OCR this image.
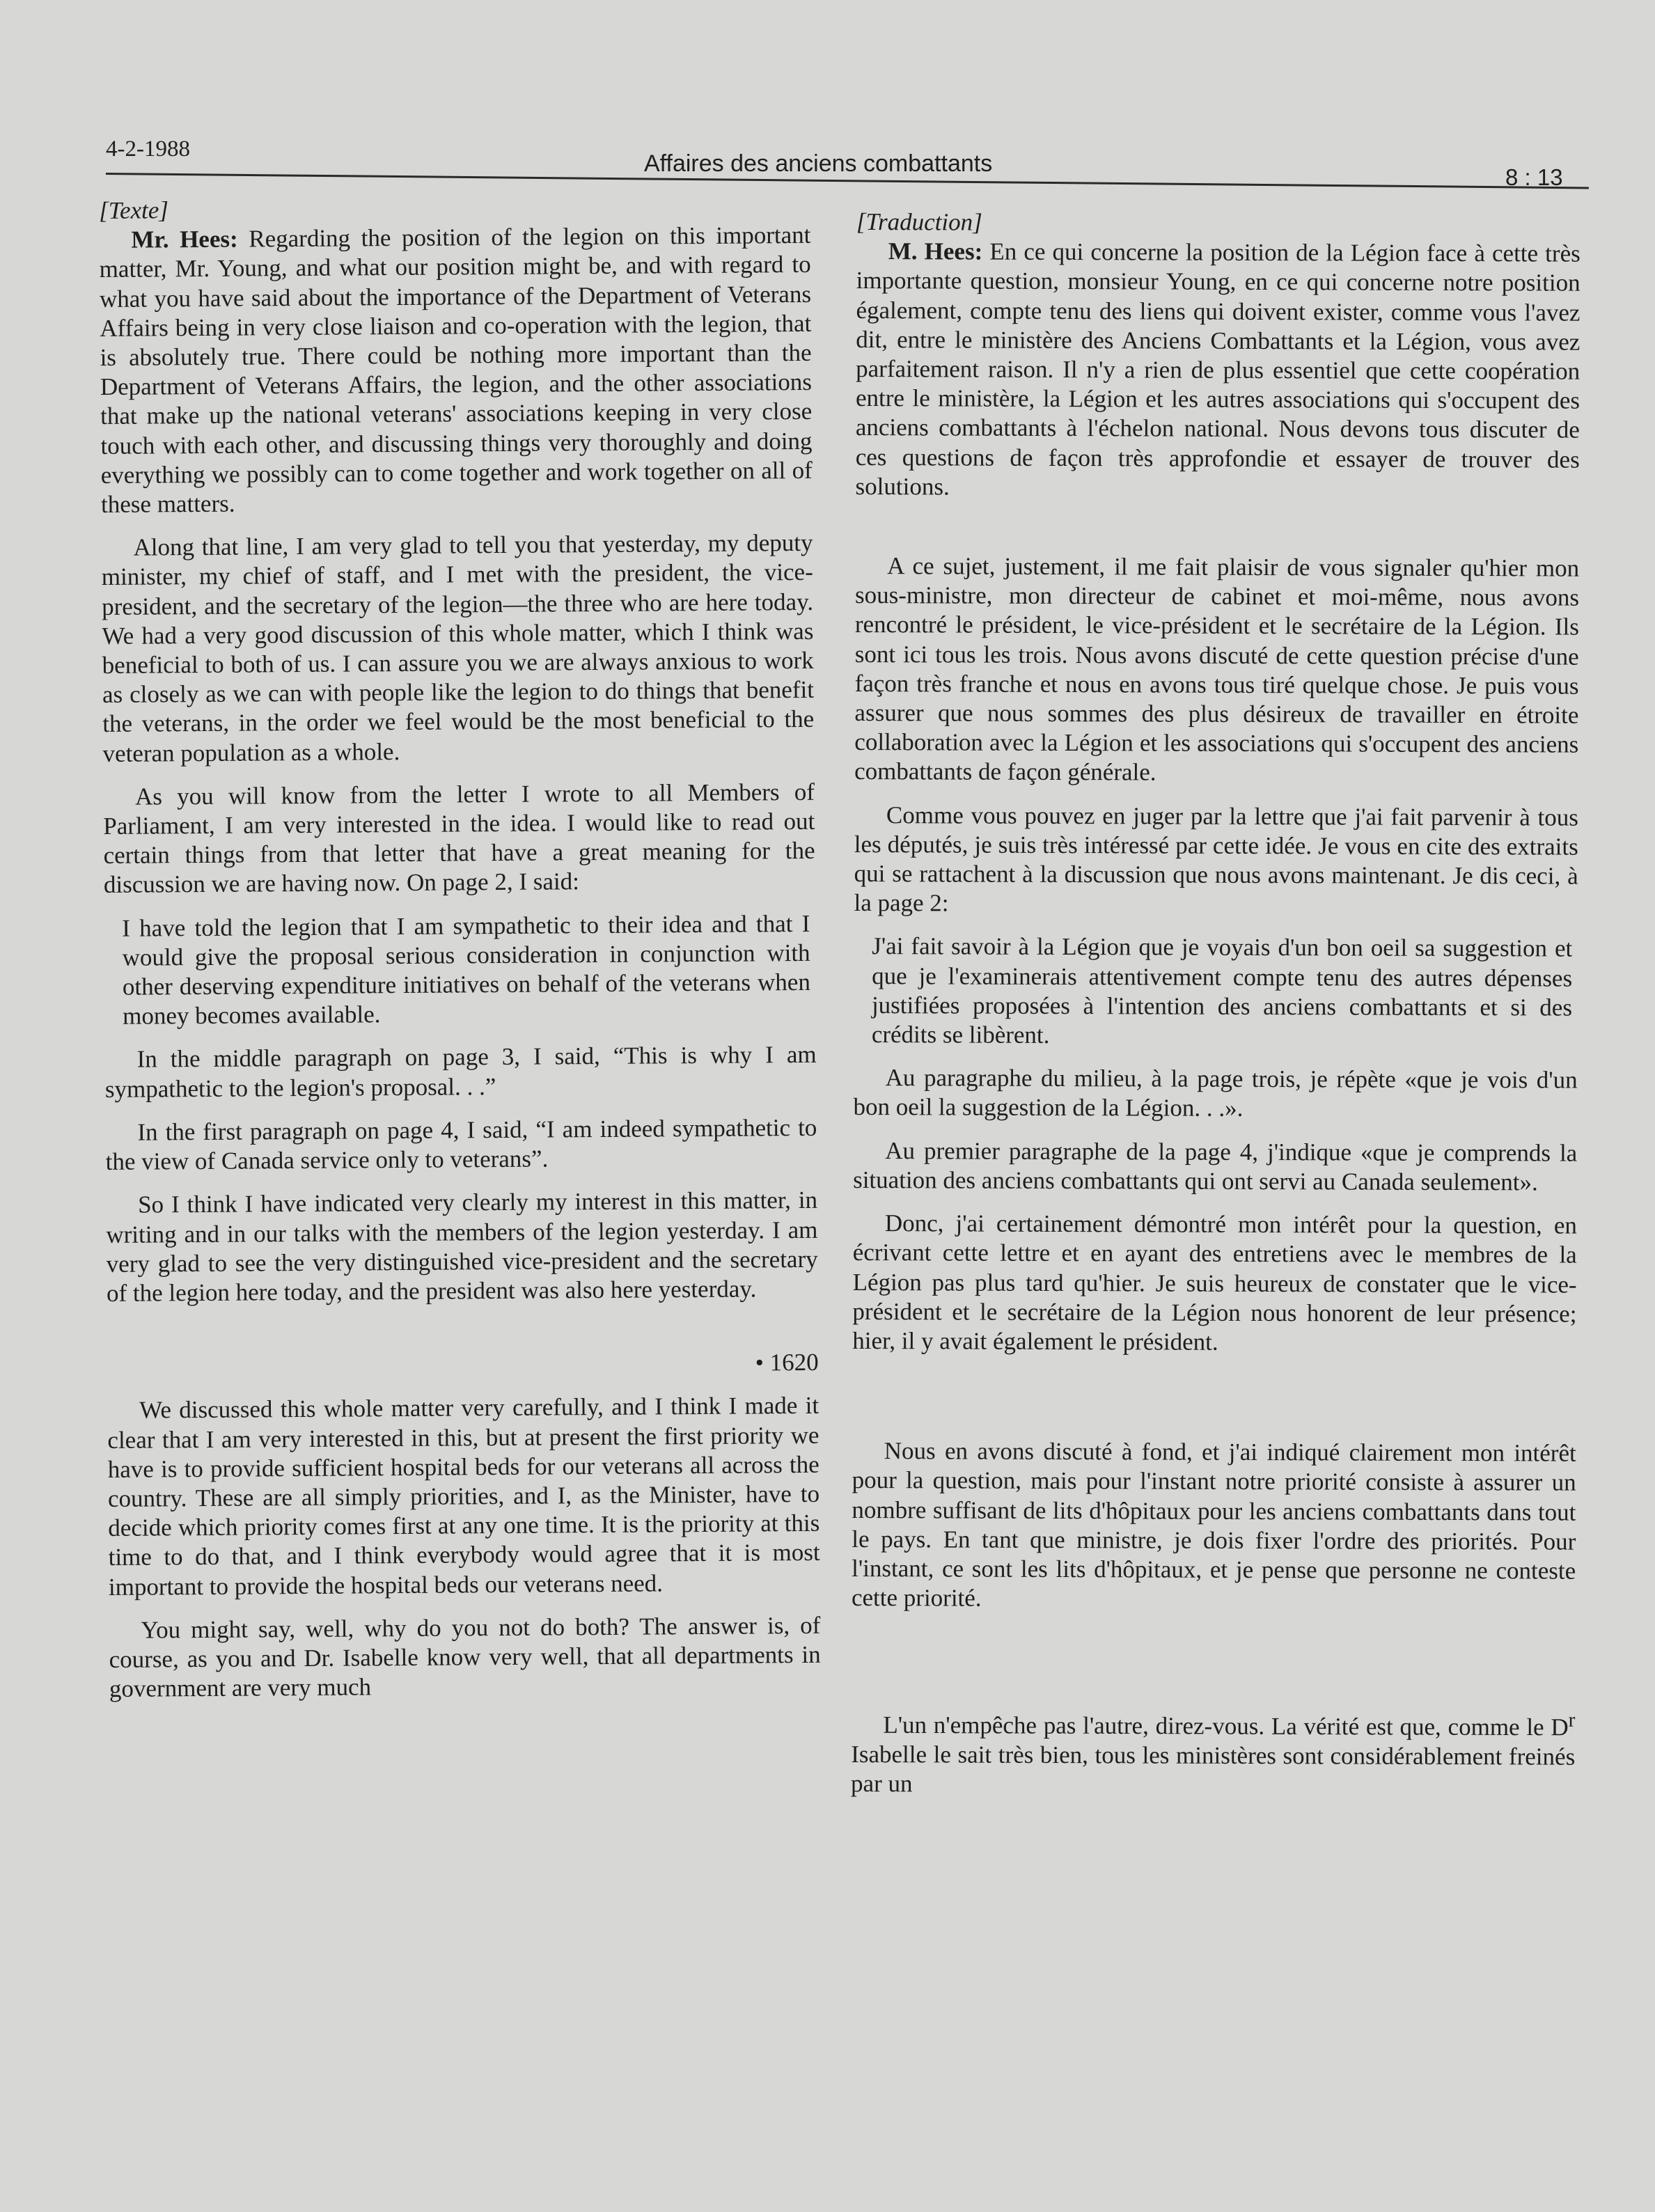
4-2-1988
Affaires des anciens combattants
8 : 13

[Texte]

Mr. Hees: Regarding the position of the legion on this important matter, Mr. Young, and what our position might be, and with regard to what you have said about the importance of the Department of Veterans Affairs being in very close liaison and co-operation with the legion, that is absolutely true. There could be nothing more important than the Department of Veterans Affairs, the legion, and the other associations that make up the national veterans' associations keeping in very close touch with each other, and discussing things very thoroughly and doing everything we possibly can to come together and work together on all of these matters.

Along that line, I am very glad to tell you that yesterday, my deputy minister, my chief of staff, and I met with the president, the vice-president, and the secretary of the legion—the three who are here today. We had a very good discussion of this whole matter, which I think was beneficial to both of us. I can assure you we are always anxious to work as closely as we can with people like the legion to do things that benefit the veterans, in the order we feel would be the most beneficial to the veteran population as a whole.

As you will know from the letter I wrote to all Members of Parliament, I am very interested in the idea. I would like to read out certain things from that letter that have a great meaning for the discussion we are having now. On page 2, I said:

I have told the legion that I am sympathetic to their idea and that I would give the proposal serious consideration in conjunction with other deserving expenditure initiatives on behalf of the veterans when money becomes available.

In the middle paragraph on page 3, I said, “This is why I am sympathetic to the legion's proposal. . .”

In the first paragraph on page 4, I said, “I am indeed sympathetic to the view of Canada service only to veterans”.

So I think I have indicated very clearly my interest in this matter, in writing and in our talks with the members of the legion yesterday. I am very glad to see the very distinguished vice-president and the secretary of the legion here today, and the president was also here yesterday.

• 1620

We discussed this whole matter very carefully, and I think I made it clear that I am very interested in this, but at present the first priority we have is to provide sufficient hospital beds for our veterans all across the country. These are all simply priorities, and I, as the Minister, have to decide which priority comes first at any one time. It is the priority at this time to do that, and I think everybody would agree that it is most important to provide the hospital beds our veterans need.

You might say, well, why do you not do both? The answer is, of course, as you and Dr. Isabelle know very well, that all departments in government are very much

[Traduction]

M. Hees: En ce qui concerne la position de la Légion face à cette très importante question, monsieur Young, en ce qui concerne notre position également, compte tenu des liens qui doivent exister, comme vous l'avez dit, entre le ministère des Anciens Combattants et la Légion, vous avez parfaitement raison. Il n'y a rien de plus essentiel que cette coopération entre le ministère, la Légion et les autres associations qui s'occupent des anciens combattants à l'échelon national. Nous devons tous discuter de ces questions de façon très approfondie et essayer de trouver des solutions.

A ce sujet, justement, il me fait plaisir de vous signaler qu'hier mon sous-ministre, mon directeur de cabinet et moi-même, nous avons rencontré le président, le vice-président et le secrétaire de la Légion. Ils sont ici tous les trois. Nous avons discuté de cette question précise d'une façon très franche et nous en avons tous tiré quelque chose. Je puis vous assurer que nous sommes des plus désireux de travailler en étroite collaboration avec la Légion et les associations qui s'occupent des anciens combattants de façon générale.

Comme vous pouvez en juger par la lettre que j'ai fait parvenir à tous les députés, je suis très intéressé par cette idée. Je vous en cite des extraits qui se rattachent à la discussion que nous avons maintenant. Je dis ceci, à la page 2:

J'ai fait savoir à la Légion que je voyais d'un bon oeil sa suggestion et que je l'examinerais attentivement compte tenu des autres dépenses justifiées proposées à l'intention des anciens combattants et si des crédits se libèrent.

Au paragraphe du milieu, à la page trois, je répète «que je vois d'un bon oeil la suggestion de la Légion. . .».

Au premier paragraphe de la page 4, j'indique «que je comprends la situation des anciens combattants qui ont servi au Canada seulement».

Donc, j'ai certainement démontré mon intérêt pour la question, en écrivant cette lettre et en ayant des entretiens avec le membres de la Légion pas plus tard qu'hier. Je suis heureux de constater que le vice-président et le secrétaire de la Légion nous honorent de leur présence; hier, il y avait également le président.

Nous en avons discuté à fond, et j'ai indiqué clairement mon intérêt pour la question, mais pour l'instant notre priorité consiste à assurer un nombre suffisant de lits d'hôpitaux pour les anciens combattants dans tout le pays. En tant que ministre, je dois fixer l'ordre des priorités. Pour l'instant, ce sont les lits d'hôpitaux, et je pense que personne ne conteste cette priorité.

L'un n'empêche pas l'autre, direz-vous. La vérité est que, comme le $D^r$ Isabelle le sait très bien, tous les ministères sont considérablement freinés par un
